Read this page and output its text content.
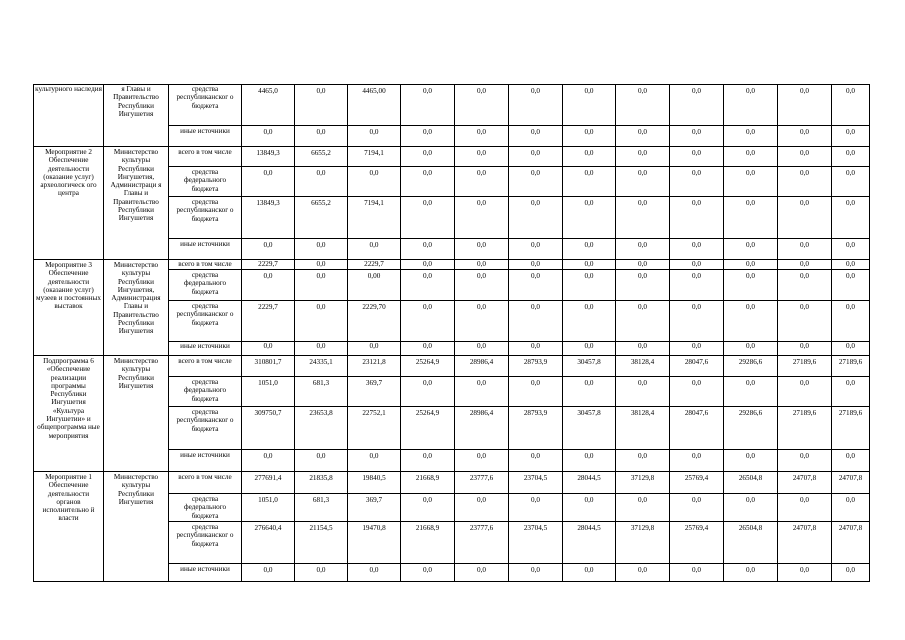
культурного наследия	я Главы и Правительство Республики Ингушетия	средства республиканског о бюджета	4465,0	0,0	4465,00	0,0	0,0	0,0	0,0	0,0	0,0	0,0	0,0	0,0
		иные источники	0,0	0,0	0,0	0,0	0,0	0,0	0,0	0,0	0,0	0,0	0,0	0,0
Мероприятие 2 Обеспечение деятельности (оказание услуг) археологическ ого центра	Министерство культуры Республики Ингушетия, Администраци я Главы и Правительство Республики Ингушетия	всего в том числе	13849,3	6655,2	7194,1	0,0	0,0	0,0	0,0	0,0	0,0	0,0	0,0	0,0
		средства федерального бюджета	0,0	0,0	0,0	0,0	0,0	0,0	0,0	0,0	0,0	0,0	0,0	0,0
		средства республиканског о бюджета	13849,3	6655,2	7194,1	0,0	0,0	0,0	0,0	0,0	0,0	0,0	0,0	0,0
		иные источники	0,0	0,0	0,0	0,0	0,0	0,0	0,0	0,0	0,0	0,0	0,0	0,0
Мероприятие 3 Обеспечение деятельности (оказание услуг) музеев и постоянных выставок	Министерство культуры Республики Ингушетия, Администрация Главы и Правительство Республики Ингушетия	всего в том числе	2229,7	0,0	2229,7	0,0	0,0	0,0	0,0	0,0	0,0	0,0	0,0	0,0
		средства федерального бюджета	0,0	0,0	0,00	0,0	0,0	0,0	0,0	0,0	0,0	0,0	0,0	0,0
		средства республиканског о бюджета	2229,7	0,0	2229,70	0,0	0,0	0,0	0,0	0,0	0,0	0,0	0,0	0,0
		иные источники	0,0	0,0	0,0	0,0	0,0	0,0	0,0	0,0	0,0	0,0	0,0	0,0
Подпрограмма 6 «Обеспечение реализации программы Республики Ингушетия «Культура Ингушетии» и общепрограмма ные мероприятия	Министерство культуры Республики Ингушетия	всего в том числе	310801,7	24335,1	23121,8	25264,9	28986,4	28793,9	30457,8	38128,4	28047,6	29286,6	27189,6	27189,6
		средства федерального бюджета	1051,0	681,3	369,7	0,0	0,0	0,0	0,0	0,0	0,0	0,0	0,0	0,0
		средства республиканског о бюджета	309750,7	23653,8	22752,1	25264,9	28986,4	28793,9	30457,8	38128,4	28047,6	29286,6	27189,6	27189,6
		иные источники	0,0	0,0	0,0	0,0	0,0	0,0	0,0	0,0	0,0	0,0	0,0	0,0
Мероприятие 1 Обеспечение деятельности органов исполнительно й власти	Министерство культуры Республики Ингушетия	всего в том числе	277691,4	21835,8	19840,5	21668,9	23777,6	23704,5	28044,5	37129,8	25769,4	26504,8	24707,8	24707,8
		средства федерального бюджета	1051,0	681,3	369,7	0,0	0,0	0,0	0,0	0,0	0,0	0,0	0,0	0,0
		средства республиканског о бюджета	276640,4	21154,5	19470,8	21668,9	23777,6	23704,5	28044,5	37129,8	25769,4	26504,8	24707,8	24707,8
		иные источники	0,0	0,0	0,0	0,0	0,0	0,0	0,0	0,0	0,0	0,0	0,0	0,0
